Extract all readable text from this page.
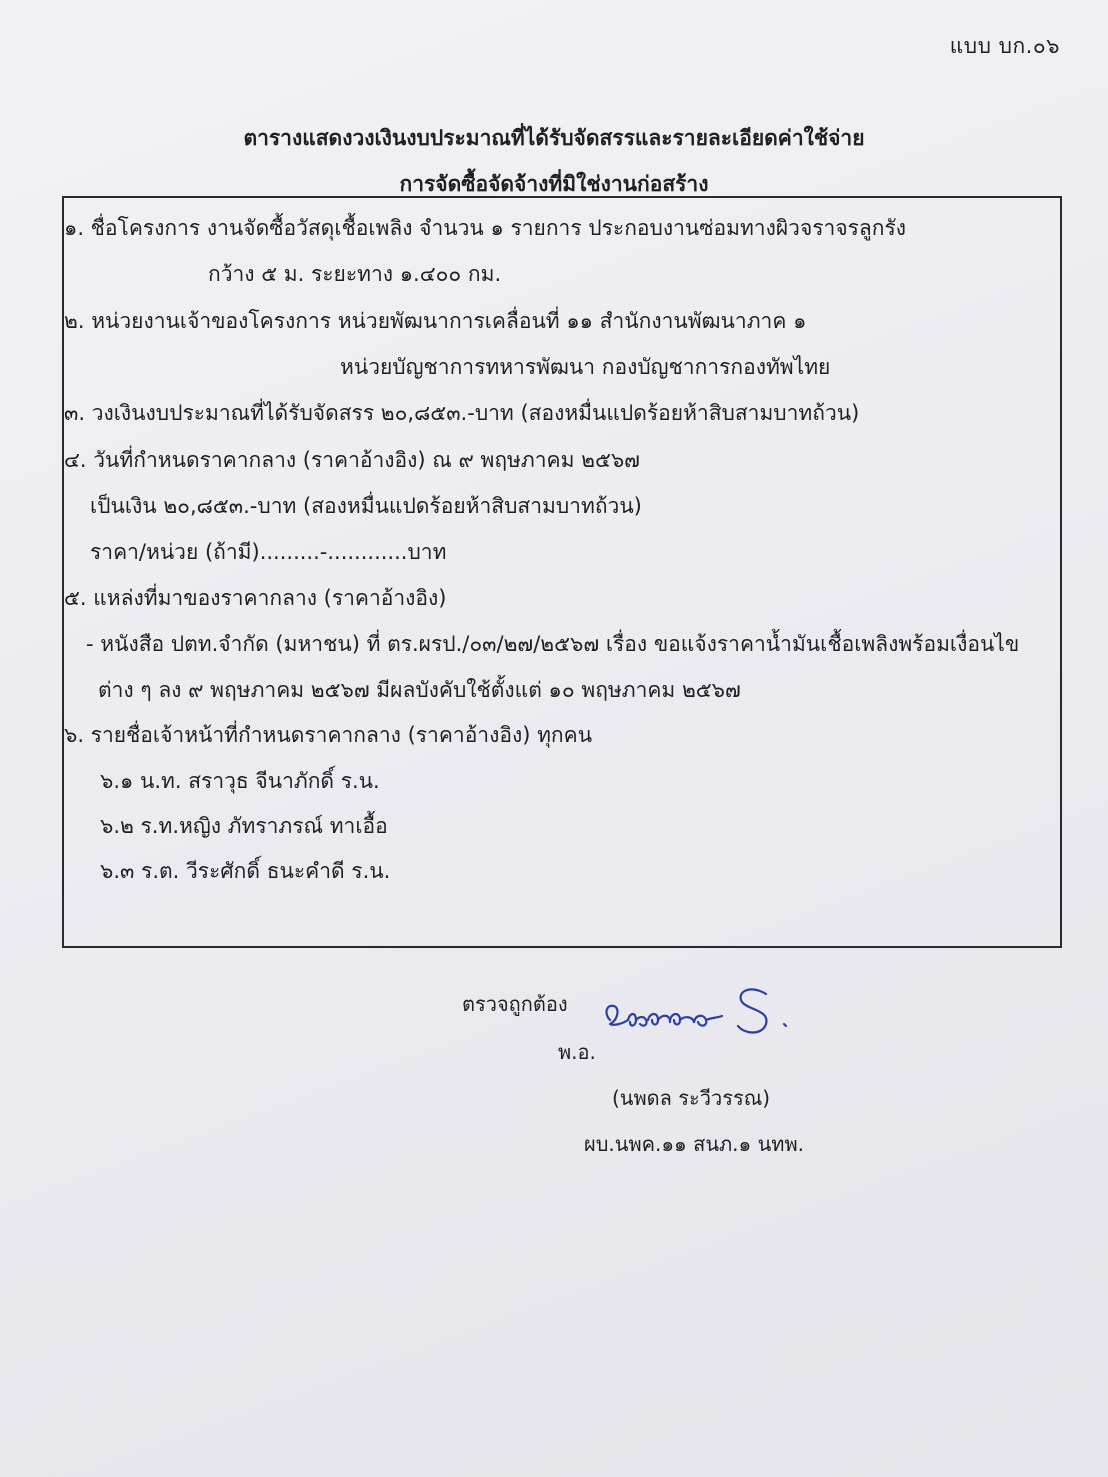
แบบ บก.๐๖
ตารางแสดงวงเงินงบประมาณที่ได้รับจัดสรรและรายละเอียดค่าใช้จ่าย
การจัดซื้อจัดจ้างที่มิใช่งานก่อสร้าง
๑. ชื่อโครงการ งานจัดซื้อวัสดุเชื้อเพลิง จำนวน ๑ รายการ ประกอบงานซ่อมทางผิวจราจรลูกรัง
กว้าง ๕ ม. ระยะทาง ๑.๔๐๐ กม.
๒. หน่วยงานเจ้าของโครงการ หน่วยพัฒนาการเคลื่อนที่ ๑๑ สำนักงานพัฒนาภาค ๑
หน่วยบัญชาการทหารพัฒนา กองบัญชาการกองทัพไทย
๓. วงเงินงบประมาณที่ได้รับจัดสรร ๒๐,๘๕๓.-บาท (สองหมื่นแปดร้อยห้าสิบสามบาทถ้วน)
๔. วันที่กำหนดราคากลาง (ราคาอ้างอิง) ณ ๙ พฤษภาคม ๒๕๖๗
เป็นเงิน ๒๐,๘๕๓.-บาท (สองหมื่นแปดร้อยห้าสิบสามบาทถ้วน)
ราคา/หน่วย (ถ้ามี).........-............บาท
๕. แหล่งที่มาของราคากลาง (ราคาอ้างอิง)
- หนังสือ ปตท.จำกัด (มหาชน) ที่ ตร.ผรป./๐๓/๒๗/๒๕๖๗ เรื่อง ขอแจ้งราคาน้ำมันเชื้อเพลิงพร้อมเงื่อนไข
ต่าง ๆ ลง ๙ พฤษภาคม ๒๕๖๗ มีผลบังคับใช้ตั้งแต่ ๑๐ พฤษภาคม ๒๕๖๗
๖. รายชื่อเจ้าหน้าที่กำหนดราคากลาง (ราคาอ้างอิง) ทุกคน
๖.๑ น.ท. สราวุธ จีนาภักดิ์ ร.น.
๖.๒ ร.ท.หญิง ภัทราภรณ์ ทาเอื้อ
๖.๓ ร.ต. วีระศักดิ์ ธนะคำดี ร.น.
ตรวจถูกต้อง
พ.อ.
(นพดล ระวีวรรณ)
ผบ.นพค.๑๑ สนภ.๑ นทพ.
